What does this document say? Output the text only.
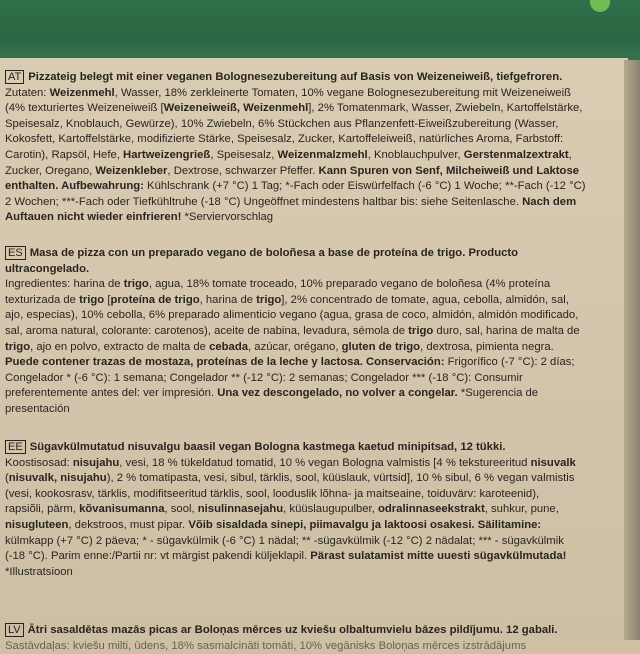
AT Pizzateig belegt mit einer veganen Bolognesezubereitung auf Basis von Weizeneiweiß, tiefgefroren.
Zutaten: Weizenmehl, Wasser, 18% zerkleinerte Tomaten, 10% vegane Bolognesezubereitung mit Weizeneiweiß
(4% texturiertes Weizeneiweiß [Weizeneiweiß, Weizenmehl], 2% Tomatenmark, Wasser, Zwiebeln, Kartoffelstärke,
Speisesalz, Knoblauch, Gewürze), 10% Zwiebeln, 6% Stückchen aus Pflanzenfett-Eiweißzubereitung (Wasser,
Kokosfett, Kartoffelstärke, modifizierte Stärke, Speisesalz, Zucker, Kartoffeleiweiß, natürliches Aroma, Farbstoff:
Carotin), Rapsöl, Hefe, Hartweizengrieß, Speisesalz, Weizenmalzmehl, Knoblauchpulver, Gerstenmalzextrakt,
Zucker, Oregano, Weizenkleber, Dextrose, schwarzer Pfeffer. Kann Spuren von Senf, Milcheiweiß und Laktose
enthalten. Aufbewahrung: Kühlschrank (+7 °C) 1 Tag; *-Fach oder Eiswürfelfach (-6 °C) 1 Woche; **-Fach (-12 °C)
2 Wochen; ***-Fach oder Tiefkühltruhe (-18 °C) Ungeöffnet mindestens haltbar bis: siehe Seitenlasche. Nach dem
Auftauen nicht wieder einfrieren! *Serviervorschlag
ES Masa de pizza con un preparado vegano de boloñesa a base de proteína de trigo. Producto
ultracongelado.
Ingredientes: harina de trigo, agua, 18% tomate troceado, 10% preparado vegano de boloñesa (4% proteína
texturizada de trigo [proteína de trigo, harina de trigo], 2% concentrado de tomate, agua, cebolla, almidón, sal,
ajo, especias), 10% cebolla, 6% preparado alimenticio vegano (agua, grasa de coco, almidón, almidón modificado,
sal, aroma natural, colorante: carotenos), aceite de nabina, levadura, sémola de trigo duro, sal, harina de malta de
trigo, ajo en polvo, extracto de malta de cebada, azúcar, orégano, gluten de trigo, dextrosa, pimienta negra.
Puede contener trazas de mostaza, proteínas de la leche y lactosa. Conservación: Frigorífico (-7 °C): 2 días;
Congelador * (-6 °C): 1 semana; Congelador ** (-12 °C): 2 semanas; Congelador *** (-18 °C): Consumir
preferentemente antes del: ver impresión. Una vez descongelado, no volver a congelar. *Sugerencia de
presentación
EE Sügavkülmutatud nisuvalgu baasil vegan Bologna kastmega kaetud minipitsad, 12 tükki.
Koostisosad: nisujahu, vesi, 18 % tükeldatud tomatid, 10 % vegan Bologna valmistis [4 % tekstureeritud nisuvalk
(nisuvalk, nisujahu), 2 % tomatipasta, vesi, sibul, tärklis, sool, küüslauk, vürtsid], 10 % sibul, 6 % vegan valmistis
(vesi, kookosrasv, tärklis, modifitseeritud tärklis, sool, looduslik lõhna- ja maitseaine, toiduvärv: karoteenid),
rapsiõli, pärm, kõvanisumanna, sool, nisulinnasejahu, küüslaugupulber, odralinnaseekstrakt, suhkur, pune,
nisugluteen, dekstroos, must pipar. Võib sisaldada sinepi, piimavalgu ja laktoosi osakesi. Säilitamine:
külmkapp (+7 °C) 2 päeva; * - sügavkülmik (-6 °C) 1 nädal; ** -sügavkülmik (-12 °C) 2 nädalat; *** - sügavkülmik
(-18 °C). Parim enne:/Partii nr: vt märgist pakendi küljeklapil. Pärast sulatamist mitte uuesti sügavkülmutada!
*Illustratsioon
LV Ātri sasaldētas mazās picas ar Boloņas mērces uz kviešu olbaltumvielu bāzes pildījumu. 12 gabali.
Sastāvdaļas: kviešu milti, ūdens, 18% sasmalcināti tomāti, 10% vegānisks Boloņas mērces izstrādājums
